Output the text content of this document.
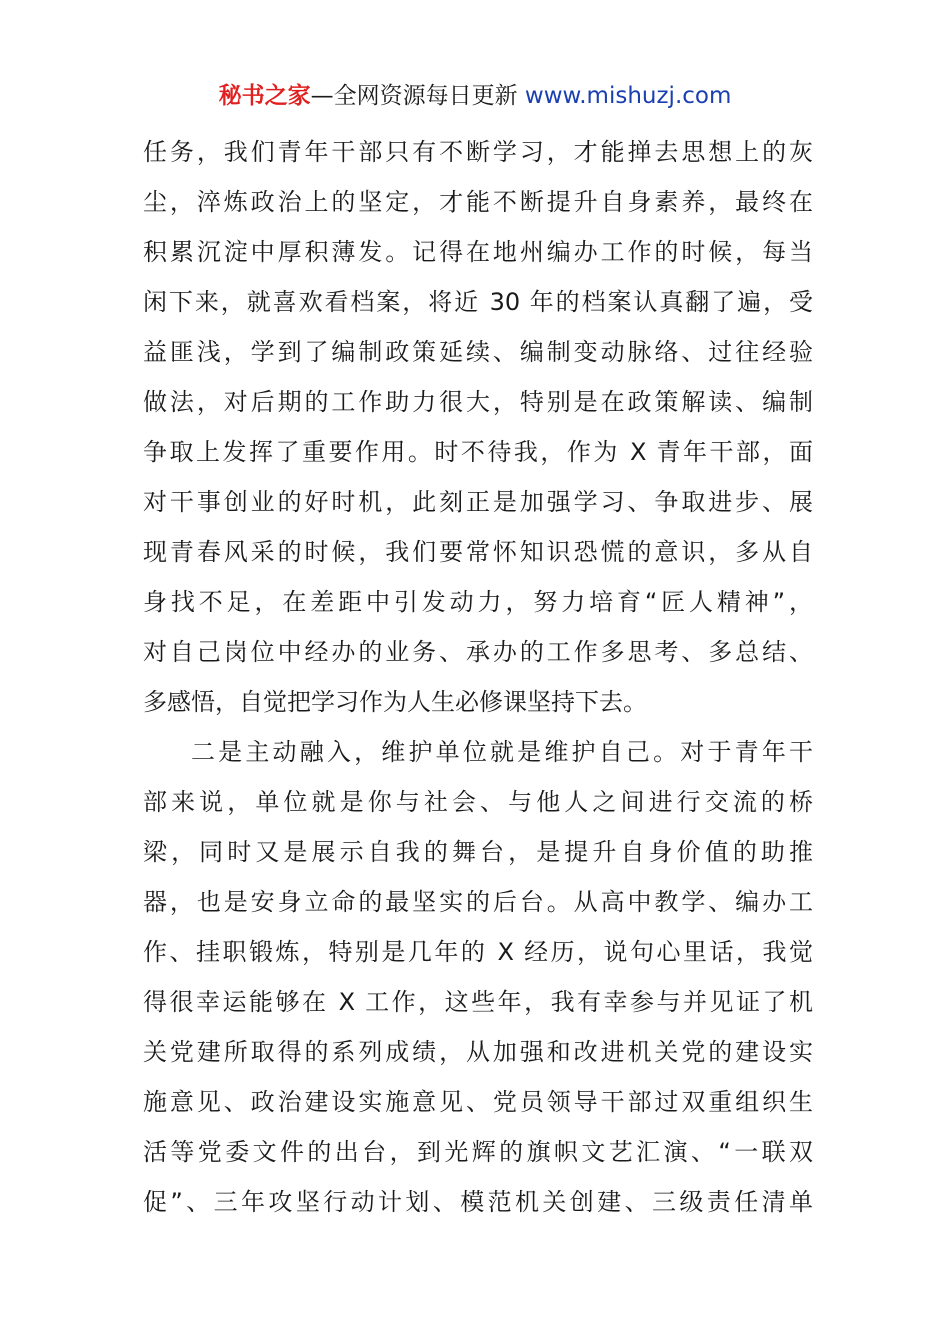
秘书之家—全网资源每日更新 www.mishuzj.com
任务，我们青年干部只有不断学习，才能掸去思想上的灰
尘，淬炼政治上的坚定，才能不断提升自身素养，最终在
积累沉淀中厚积薄发。记得在地州编办工作的时候，每当
闲下来，就喜欢看档案，将近 30 年的档案认真翻了遍，受
益匪浅，学到了编制政策延续、编制变动脉络、过往经验
做法，对后期的工作助力很大，特别是在政策解读、编制
争取上发挥了重要作用。时不待我，作为 X 青年干部，面
对干事创业的好时机，此刻正是加强学习、争取进步、展
现青春风采的时候，我们要常怀知识恐慌的意识，多从自
身找不足，在差距中引发动力，努力培育“匠人精神”，
对自己岗位中经办的业务、承办的工作多思考、多总结、
多感悟，自觉把学习作为人生必修课坚持下去。
二是主动融入，维护单位就是维护自己。对于青年干
部来说，单位就是你与社会、与他人之间进行交流的桥
梁，同时又是展示自我的舞台，是提升自身价值的助推
器，也是安身立命的最坚实的后台。从高中教学、编办工
作、挂职锻炼，特别是几年的 X 经历，说句心里话，我觉
得很幸运能够在 X 工作，这些年，我有幸参与并见证了机
关党建所取得的系列成绩，从加强和改进机关党的建设实
施意见、政治建设实施意见、党员领导干部过双重组织生
活等党委文件的出台，到光辉的旗帜文艺汇演、“一联双
促”、三年攻坚行动计划、模范机关创建、三级责任清单
